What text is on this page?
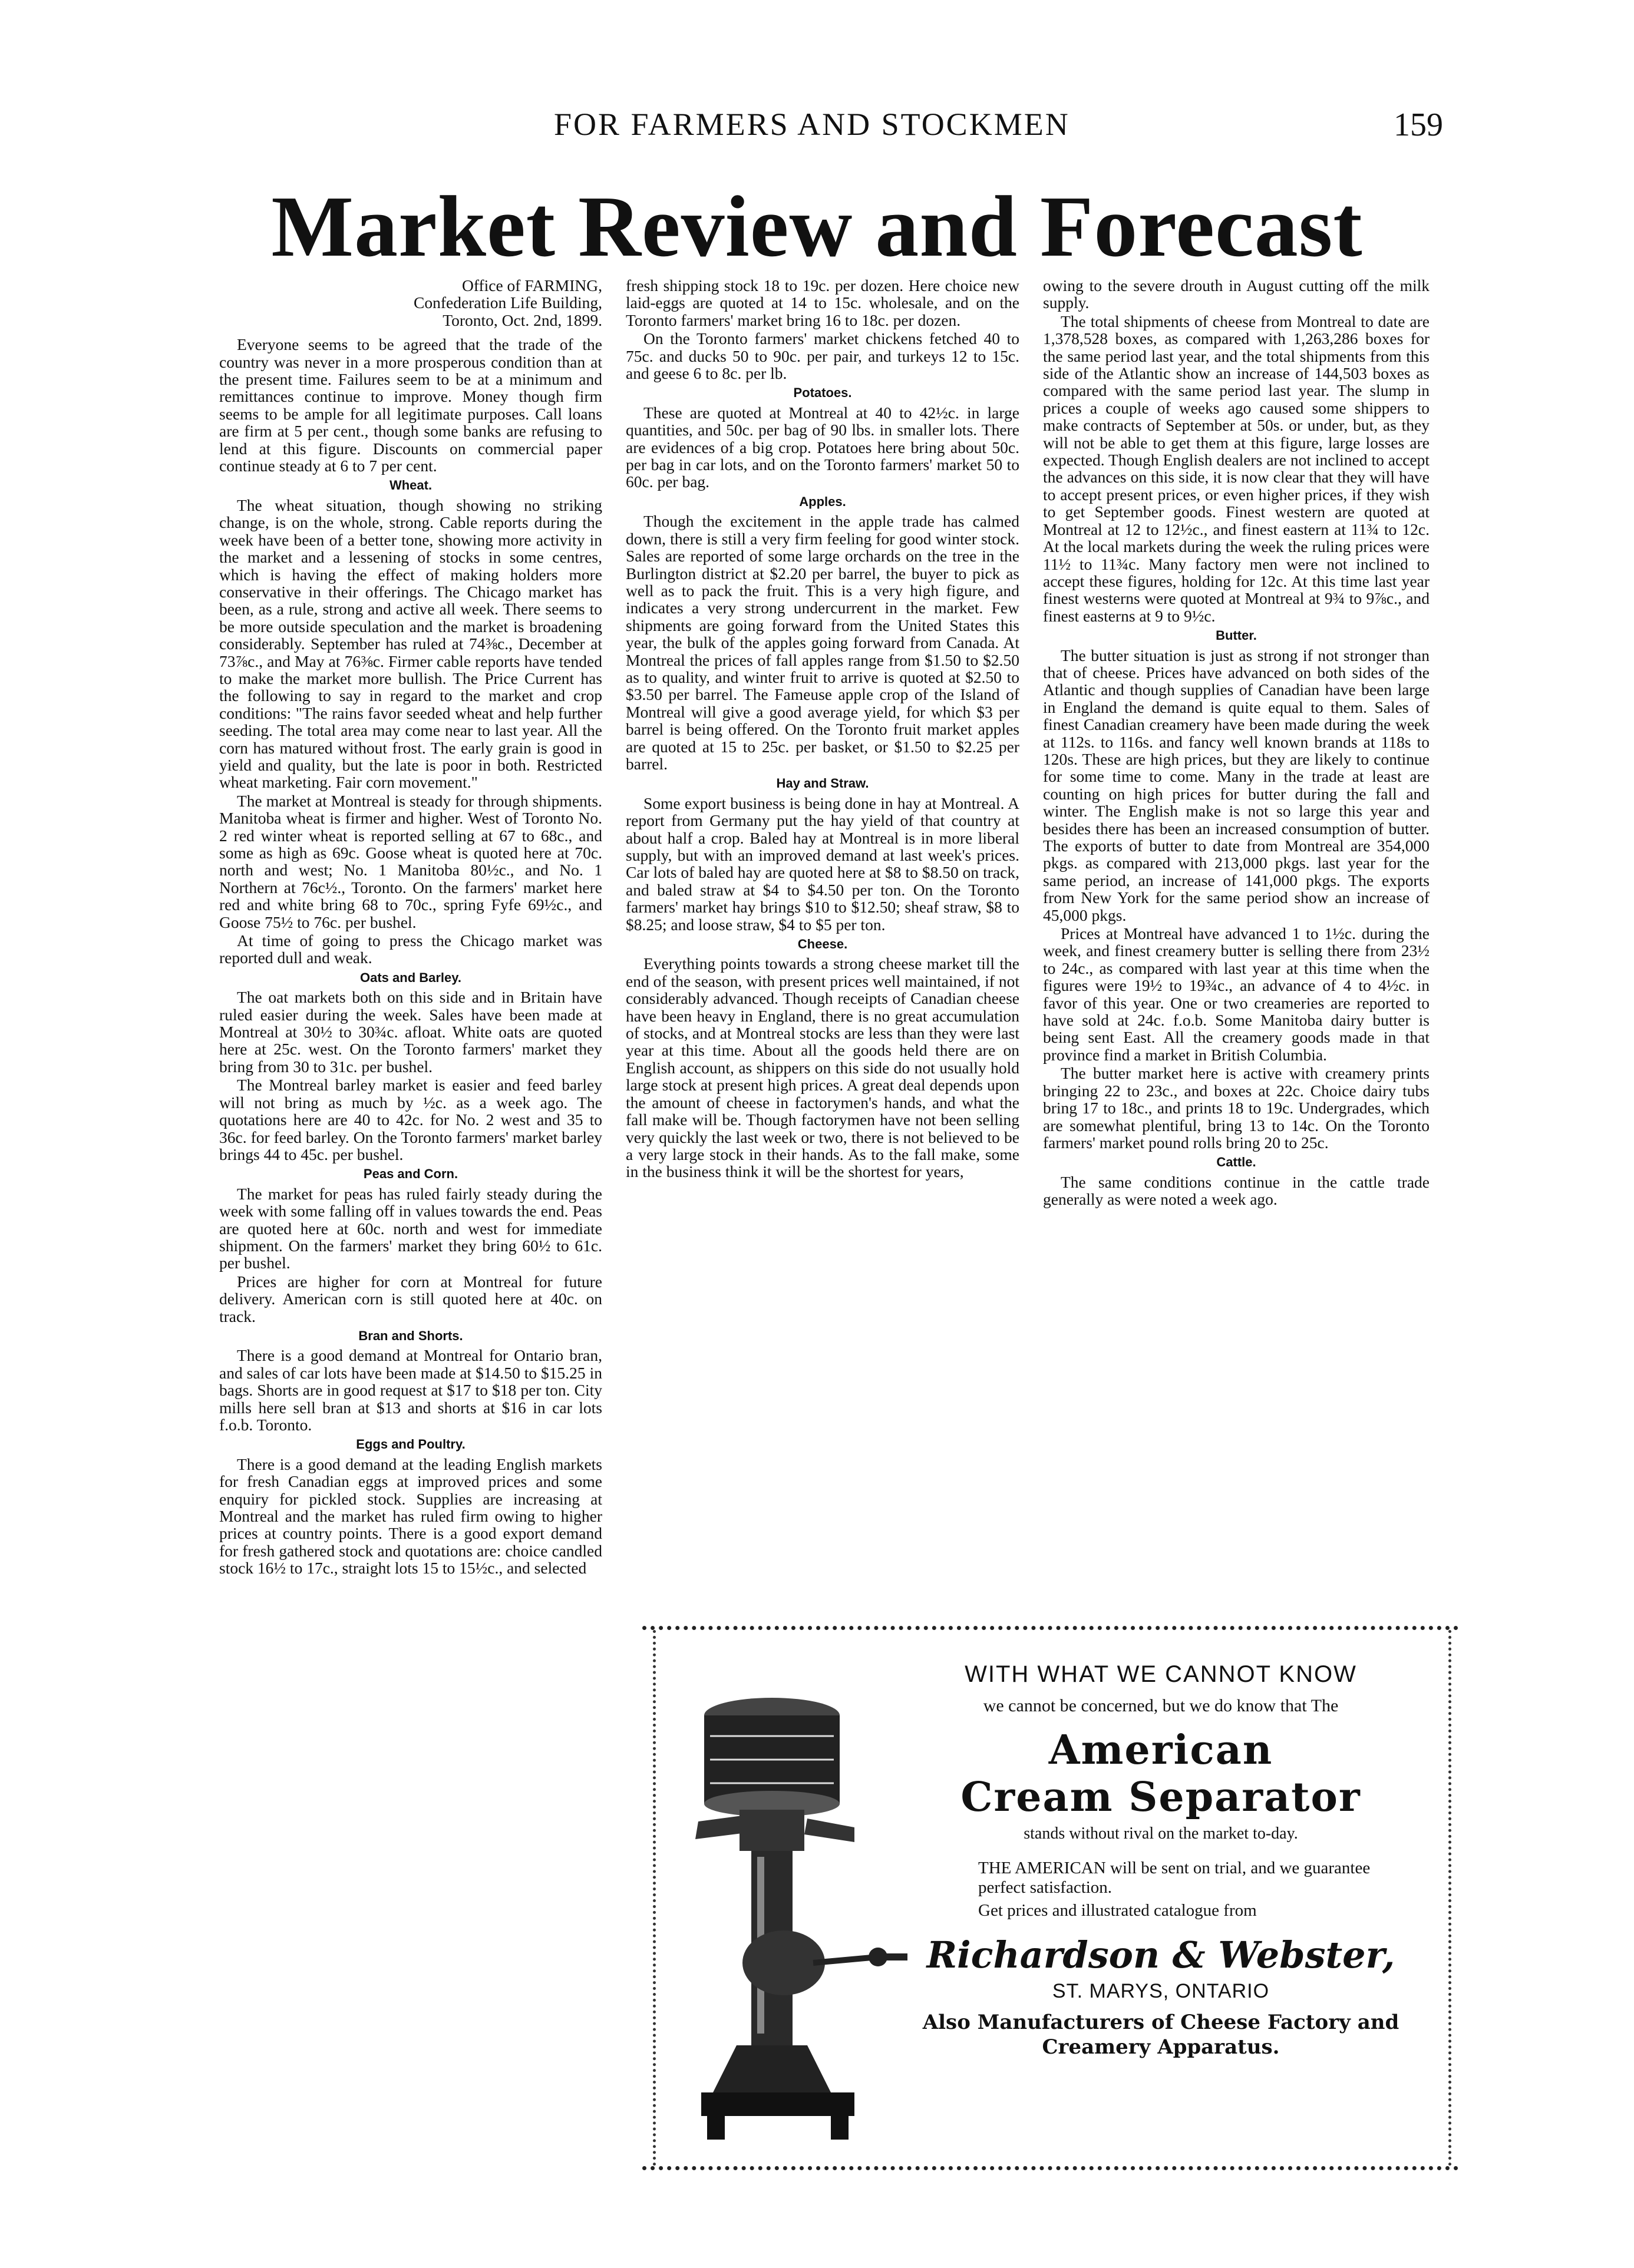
FOR FARMERS AND STOCKMEN	159
Market Review and Forecast
Office of FARMING,
Confederation Life Building,
Toronto, Oct. 2nd, 1899.

Everyone seems to be agreed that the trade of the country was never in a more prosperous condition than at the present time. Failures seem to be at a minimum and remittances continue to improve. Money though firm seems to be ample for all legitimate purposes. Call loans are firm at 5 per cent., though some banks are refusing to lend at this figure. Discounts on commercial paper continue steady at 6 to 7 per cent.

Wheat.

The wheat situation, though showing no striking change, is on the whole, strong. Cable reports during the week have been of a better tone, showing more activity in the market and a lessening of stocks in some centres, which is having the effect of making holders more conservative in their offerings. The Chicago market has been, as a rule, strong and active all week. There seems to be more outside speculation and the market is broadening considerably. September has ruled at 74⅜c., December at 73⅞c., and May at 76⅜c. Firmer cable reports have tended to make the market more bullish. The Price Current has the following to say in regard to the market and crop conditions: "The rains favor seeded wheat and help further seeding. The total area may come near to last year. All the corn has matured without frost. The early grain is good in yield and quality, but the late is poor in both. Restricted wheat marketing. Fair corn movement."

The market at Montreal is steady for through shipments. Manitoba wheat is firmer and higher. West of Toronto No. 2 red winter wheat is reported selling at 67 to 68c., and some as high as 69c. Goose wheat is quoted here at 70c. north and west; No. 1 Manitoba 80½c., and No. 1 Northern at 76c½., Toronto. On the farmers' market here red and white bring 68 to 70c., spring Fyfe 69½c., and Goose 75½ to 76c. per bushel.

At time of going to press the Chicago market was reported dull and weak.

Oats and Barley.

The oat markets both on this side and in Britain have ruled easier during the week. Sales have been made at Montreal at 30½ to 30¾c. afloat. White oats are quoted here at 25c. west. On the Toronto farmers' market they bring from 30 to 31c. per bushel.

The Montreal barley market is easier and feed barley will not bring as much by ½c. as a week ago. The quotations here are 40 to 42c. for No. 2 west and 35 to 36c. for feed barley. On the Toronto farmers' market barley brings 44 to 45c. per bushel.

Peas and Corn.

The market for peas has ruled fairly steady during the week with some falling off in values towards the end. Peas are quoted here at 60c. north and west for immediate shipment. On the farmers' market they bring 60½ to 61c. per bushel.

Prices are higher for corn at Montreal for future delivery. American corn is still quoted here at 40c. on track.

Bran and Shorts.

There is a good demand at Montreal for Ontario bran, and sales of car lots have been made at $14.50 to $15.25 in bags. Shorts are in good request at $17 to $18 per ton. City mills here sell bran at $13 and shorts at $16 in car lots f.o.b. Toronto.

Eggs and Poultry.

There is a good demand at the leading English markets for fresh Canadian eggs at improved prices and some enquiry for pickled stock. Supplies are increasing at Montreal and the market has ruled firm owing to higher prices at country points. There is a good export demand for fresh gathered stock and quotations are: choice candled stock 16½ to 17c., straight lots 15 to 15½c., and selected

fresh shipping stock 18 to 19c. per dozen. Here choice new laid-eggs are quoted at 14 to 15c. wholesale, and on the Toronto farmers' market bring 16 to 18c. per dozen.

On the Toronto farmers' market chickens fetched 40 to 75c. and ducks 50 to 90c. per pair, and turkeys 12 to 15c. and geese 6 to 8c. per lb.

Potatoes.

These are quoted at Montreal at 40 to 42½c. in large quantities, and 50c. per bag of 90 lbs. in smaller lots. There are evidences of a big crop. Potatoes here bring about 50c. per bag in car lots, and on the Toronto farmers' market 50 to 60c. per bag.

Apples.

Though the excitement in the apple trade has calmed down, there is still a very firm feeling for good winter stock. Sales are reported of some large orchards on the tree in the Burlington district at $2.20 per barrel, the buyer to pick as well as to pack the fruit. This is a very high figure, and indicates a very strong undercurrent in the market. Few shipments are going forward from the United States this year, the bulk of the apples going forward from Canada. At Montreal the prices of fall apples range from $1.50 to $2.50 as to quality, and winter fruit to arrive is quoted at $2.50 to $3.50 per barrel. The Fameuse apple crop of the Island of Montreal will give a good average yield, for which $3 per barrel is being offered. On the Toronto fruit market apples are quoted at 15 to 25c. per basket, or $1.50 to $2.25 per barrel.

Hay and Straw.

Some export business is being done in hay at Montreal. A report from Germany put the hay yield of that country at about half a crop. Baled hay at Montreal is in more liberal supply, but with an improved demand at last week's prices. Car lots of baled hay are quoted here at $8 to $8.50 on track, and baled straw at $4 to $4.50 per ton. On the Toronto farmers' market hay brings $10 to $12.50; sheaf straw, $8 to $8.25; and loose straw, $4 to $5 per ton.

Cheese.

Everything points towards a strong cheese market till the end of the season, with present prices well maintained, if not considerably advanced. Though receipts of Canadian cheese have been heavy in England, there is no great accumulation of stocks, and at Montreal stocks are less than they were last year at this time. About all the goods held there are on English account, as shippers on this side do not usually hold large stock at present high prices. A great deal depends upon the amount of cheese in factorymen's hands, and what the fall make will be. Though factorymen have not been selling very quickly the last week or two, there is not believed to be a very large stock in their hands. As to the fall make, some in the business think it will be the shortest for years,

owing to the severe drouth in August cutting off the milk supply.

The total shipments of cheese from Montreal to date are 1,378,528 boxes, as compared with 1,263,286 boxes for the same period last year, and the total shipments from this side of the Atlantic show an increase of 144,503 boxes as compared with the same period last year. The slump in prices a couple of weeks ago caused some shippers to make contracts of September at 50s. or under, but, as they will not be able to get them at this figure, large losses are expected. Though English dealers are not inclined to accept the advances on this side, it is now clear that they will have to accept present prices, or even higher prices, if they wish to get September goods. Finest western are quoted at Montreal at 12 to 12½c., and finest eastern at 11¾ to 12c. At the local markets during the week the ruling prices were 11½ to 11¾c. Many factory men were not inclined to accept these figures, holding for 12c. At this time last year finest westerns were quoted at Montreal at 9¾ to 9⅞c., and finest easterns at 9 to 9½c.

Butter.

The butter situation is just as strong if not stronger than that of cheese. Prices have advanced on both sides of the Atlantic and though supplies of Canadian have been large in England the demand is quite equal to them. Sales of finest Canadian creamery have been made during the week at 112s. to 116s. and fancy well known brands at 118s to 120s. These are high prices, but they are likely to continue for some time to come. Many in the trade at least are counting on high prices for butter during the fall and winter. The English make is not so large this year and besides there has been an increased consumption of butter. The exports of butter to date from Montreal are 354,000 pkgs. as compared with 213,000 pkgs. last year for the same period, an increase of 141,000 pkgs. The exports from New York for the same period show an increase of 45,000 pkgs.

Prices at Montreal have advanced 1 to 1½c. during the week, and finest creamery butter is selling there from 23½ to 24c., as compared with last year at this time when the figures were 19½ to 19¾c., an advance of 4 to 4½c. in favor of this year. One or two creameries are reported to have sold at 24c. f.o.b. Some Manitoba dairy butter is being sent East. All the creamery goods made in that province find a market in British Columbia.

The butter market here is active with creamery prints bringing 22 to 23c., and boxes at 22c. Choice dairy tubs bring 17 to 18c., and prints 18 to 19c. Undergrades, which are somewhat plentiful, bring 13 to 14c. On the Toronto farmers' market pound rolls bring 20 to 25c.

Cattle.

The same conditions continue in the cattle trade generally as were noted a week ago.

WITH WHAT WE CANNOT KNOW
we cannot be concerned, but we do know that The
American
Cream Separator
stands without rival on the market to-day.
THE AMERICAN will be sent on trial, and we guarantee
perfect satisfaction.
Get prices and illustrated catalogue from
Richardson & Webster,
ST. MARYS, ONTARIO
Also Manufacturers of Cheese Factory and
Creamery Apparatus.
